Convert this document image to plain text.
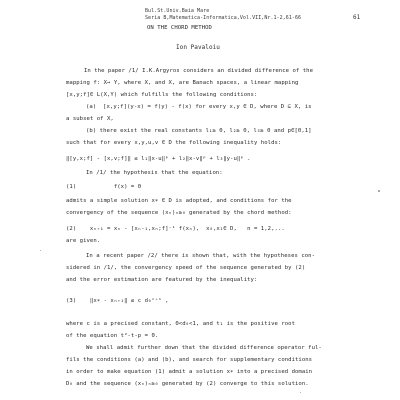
Bul.St.Univ.Baia Mare
Seria B,Matematica-Informatica,Vol.VII,Nr.1-2,61-66	61
ON THE CHORD METHOD
Ion Pavaloiu
In the paper /1/ I.K.Argyros considers an divided difference of the
mapping f: X→ Y, where X, and X, are Banach spaces, a linear mapping
[x,y;f]∈ L(X,Y) which fulfills the following conditions:
(a)  [x,y;f](y-x) = f(y) - f(x) for every x,y ∈ D, where D ⊆ X, is
a subset of X,
(b) there exist the real constants l₁≥ 0, l₂≥ 0, l₃≥ 0 and p∈[0,1]
such that for every x,y,u,v ∈ D the following inequality holds:
‖[y,x;f] - [x,v;f]‖ ≤ l₁‖x-u‖ᵖ + l₂‖x-v‖ᵖ + l₃‖y-u‖ᵖ .
In /1/ the hypothesis that the equation:
(1)           f(x) = 0
admits a simple solution x∗ ∈ D is adopted, and conditions for the
convergency of the sequence (xₙ)ₙ≥₀ generated by the chord method:
(2)    xₙ₊₁ = xₙ - [xₙ₋₁,xₙ;f]⁻¹ f(xₙ),  x₀,x₁∈ D,   n = 1,2,...
are given.
In a recent paper /2/ there is shown that, with the hypotheses con-
sidered in /1/, the convergency speed of the sequence generated by (2)
and the error estimation are featured by the inequality:
(3)    ‖x∗ - xₙ₊₁‖ ≤ c d₀ⁿ⁺¹ ,
where c is a precised constant, 0<d₀<1, and t₁ is the positive root
of the equation t²-t-p = 0.
We shall admit further down that the divided difference operator ful-
fils the conditions (a) and (b), and search for supplementary conditions
in order to make equation (1) admit a solution x∗ into a precised domain
D₀ and the sequence (xₙ)ₙ≥₀ generated by (2) converge to this solution.
